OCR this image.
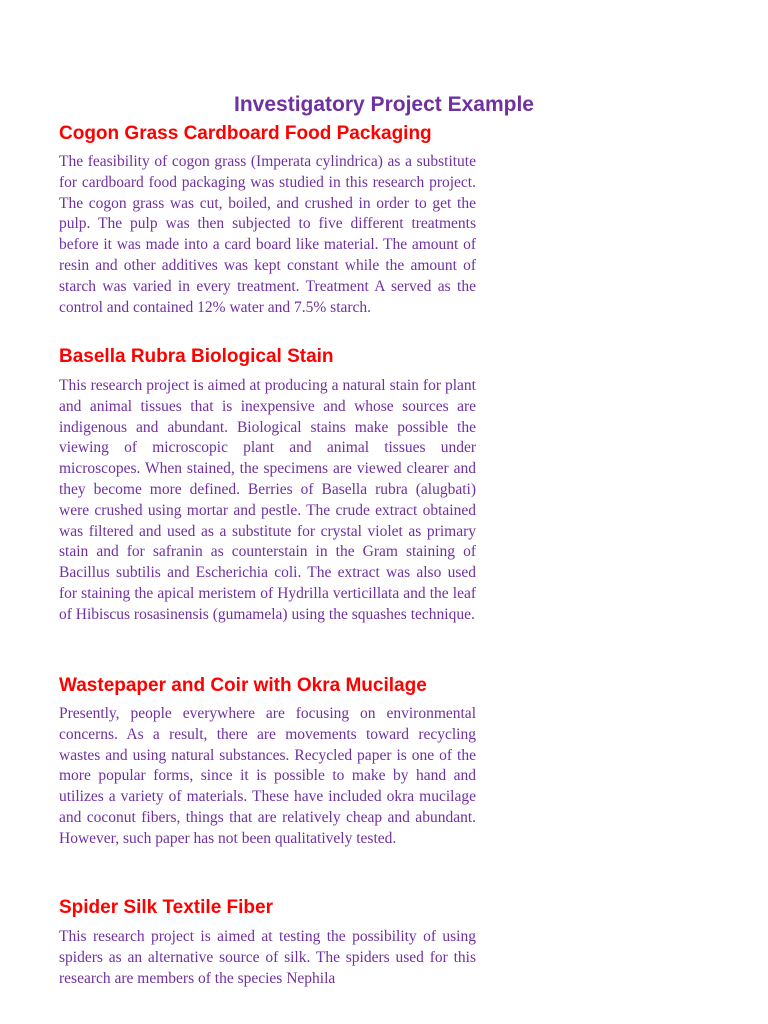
Investigatory Project Example
Cogon Grass Cardboard Food Packaging

The feasibility of cogon grass (Imperata cylindrica) as a substitute for cardboard food packaging was studied in this research project. The cogon grass was cut, boiled, and crushed in order to get the pulp. The pulp was then subjected to five different treatments before it was made into a card board like material. The amount of resin and other additives was kept constant while the amount of starch was varied in every treatment. Treatment A served as the control and contained 12% water and 7.5% starch.

Basella Rubra Biological Stain

This research project is aimed at producing a natural stain for plant and animal tissues that is inexpensive and whose sources are indigenous and abundant. Biological stains make possible the viewing of microscopic plant and animal tissues under microscopes. When stained, the specimens are viewed clearer and they become more defined. Berries of Basella rubra (alugbati) were crushed using mortar and pestle. The crude extract obtained was filtered and used as a substitute for crystal violet as primary stain and for safranin as counterstain in the Gram staining of Bacillus subtilis and Escherichia coli. The extract was also used for staining the apical meristem of Hydrilla verticillata and the leaf of Hibiscus rosasinensis (gumamela) using the squashes technique.

Wastepaper and Coir with Okra Mucilage

Presently, people everywhere are focusing on environmental concerns. As a result, there are movements toward recycling wastes and using natural substances. Recycled paper is one of the more popular forms, since it is possible to make by hand and utilizes a variety of materials. These have included okra mucilage and coconut fibers, things that are relatively cheap and abundant. However, such paper has not been qualitatively tested.

Spider Silk Textile Fiber

This research project is aimed at testing the possibility of using spiders as an alternative source of silk. The spiders used for this research are members of the species Nephila
